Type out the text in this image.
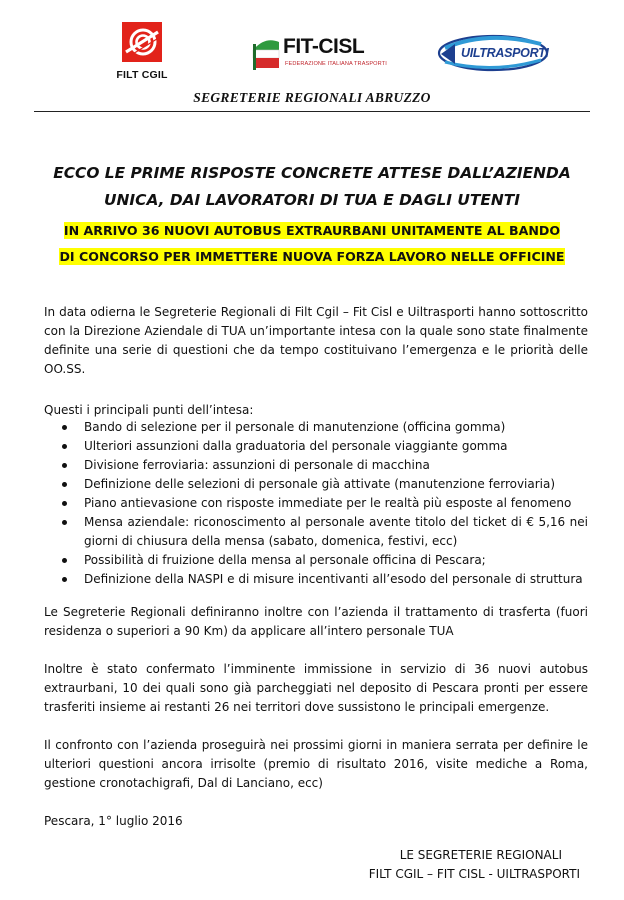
FILT CGIL
FIT-CISL
FEDERAZIONE ITALIANA TRASPORTI
UILTRASPORTI
SEGRETERIE REGIONALI ABRUZZO
ECCO LE PRIME RISPOSTE CONCRETE ATTESE DALL’AZIENDA
UNICA, DAI LAVORATORI DI TUA E DAGLI UTENTI
IN ARRIVO 36 NUOVI AUTOBUS EXTRAURBANI UNITAMENTE AL BANDO
DI CONCORSO PER IMMETTERE NUOVA FORZA LAVORO NELLE OFFICINE

In data odierna le Segreterie Regionali di Filt Cgil – Fit Cisl e Uiltrasporti hanno sottoscritto con la Direzione Aziendale di TUA un’importante intesa con la quale sono state finalmente definite una serie di questioni che da tempo costituivano l’emergenza e le priorità delle OO.SS.

Questi i principali punti dell’intesa:

Bando di selezione per il personale di manutenzione (officina gomma)
Ulteriori assunzioni dalla graduatoria del personale viaggiante gomma
Divisione ferroviaria: assunzioni di personale di macchina
Definizione delle selezioni di personale già attivate (manutenzione ferroviaria)
Piano antievasione con risposte immediate per le realtà più esposte al fenomeno
Mensa aziendale: riconoscimento al personale avente titolo del ticket di € 5,16 nei giorni di chiusura della mensa (sabato, domenica, festivi, ecc)
Possibilità di fruizione della mensa al personale officina di Pescara;
Definizione della NASPI e di misure incentivanti all’esodo del personale di struttura

Le Segreterie Regionali definiranno inoltre con l’azienda il trattamento di trasferta (fuori residenza o superiori a 90 Km) da applicare all’intero personale TUA

Inoltre è stato confermato l’imminente immissione in servizio di 36 nuovi autobus extraurbani, 10 dei quali sono già parcheggiati nel deposito di Pescara pronti per essere trasferiti insieme ai restanti 26 nei territori dove sussistono le principali emergenze.

Il confronto con l’azienda proseguirà nei prossimi giorni in maniera serrata per definire le ulteriori questioni ancora irrisolte (premio di risultato 2016, visite mediche a Roma, gestione cronotachigrafi, Dal di Lanciano, ecc)

Pescara, 1° luglio 2016

LE SEGRETERIE REGIONALI
FILT CGIL – FIT CISL - UILTRASPORTI
